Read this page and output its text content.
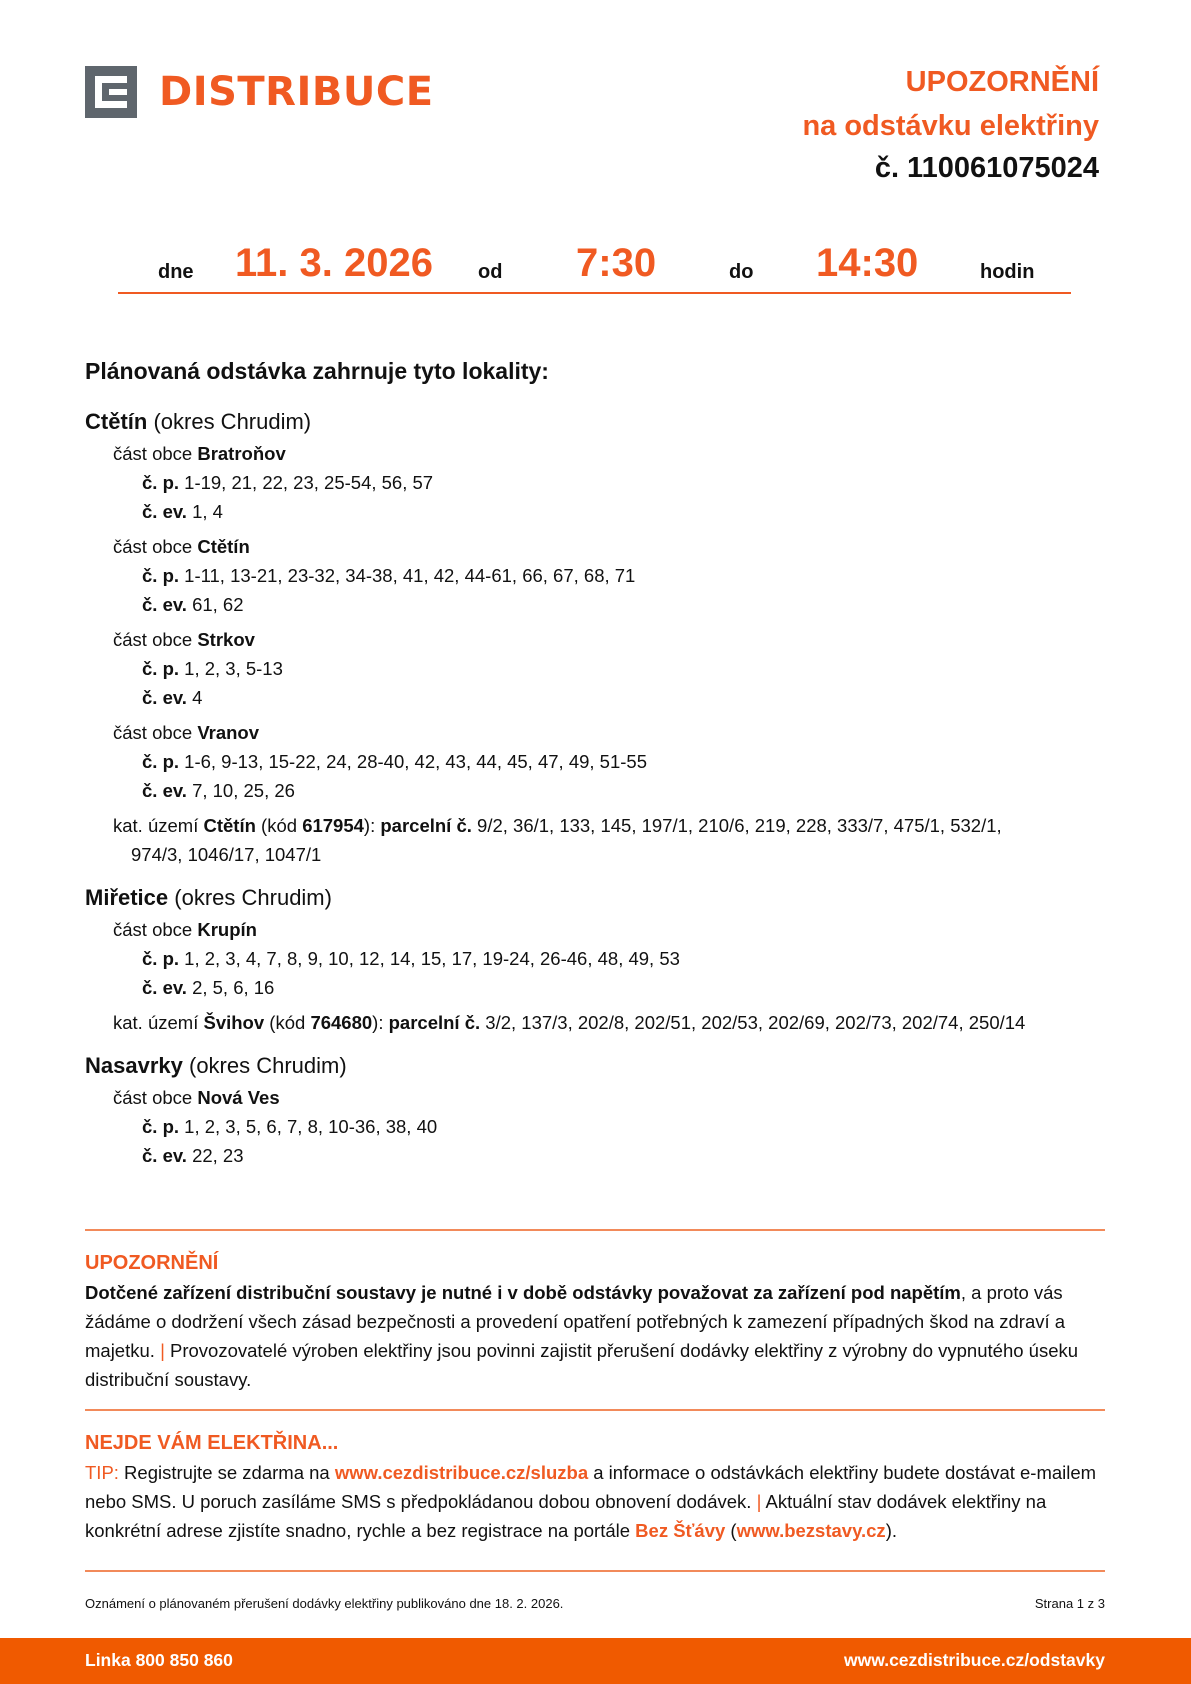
DISTRIBUCE	UPOZORNĚNÍ
na odstávku elektřiny
č. 110061075024
dne 11. 3. 2026 od 7:30	do 14:30	hodin
Plánovaná odstávka zahrnuje tyto lokality:
Ctětín (okres Chrudim)
část obce Bratroňov
č. p. 1-19, 21, 22, 23, 25-54, 56, 57
č. ev. 1, 4
část obce Ctětín
č. p. 1-11, 13-21, 23-32, 34-38, 41, 42, 44-61, 66, 67, 68, 71
č. ev. 61, 62
část obce Strkov
č. p. 1, 2, 3, 5-13
č. ev. 4
část obce Vranov
č. p. 1-6, 9-13, 15-22, 24, 28-40, 42, 43, 44, 45, 47, 49, 51-55
č. ev. 7, 10, 25, 26
kat. území Ctětín (kód 617954): parcelní č. 9/2, 36/1, 133, 145, 197/1, 210/6, 219, 228, 333/7, 475/1, 532/1,
974/3, 1046/17, 1047/1
Miřetice (okres Chrudim)
část obce Krupín
č. p. 1, 2, 3, 4, 7, 8, 9, 10, 12, 14, 15, 17, 19-24, 26-46, 48, 49, 53
č. ev. 2, 5, 6, 16
kat. území Švihov (kód 764680): parcelní č. 3/2, 137/3, 202/8, 202/51, 202/53, 202/69, 202/73, 202/74, 250/14
Nasavrky (okres Chrudim)
část obce Nová Ves
č. p. 1, 2, 3, 5, 6, 7, 8, 10-36, 38, 40
č. ev. 22, 23
UPOZORNĚNÍ
Dotčené zařízení distribuční soustavy je nutné i v době odstávky považovat za zařízení pod napětím, a proto vás žádáme o dodržení všech zásad bezpečnosti a provedení opatření potřebných k zamezení případných škod na zdraví a majetku. | Provozovatelé výroben elektřiny jsou povinni zajistit přerušení dodávky elektřiny z výrobny do vypnutého úseku distribuční soustavy.
NEJDE VÁM ELEKTŘINA...
TIP: Registrujte se zdarma na www.cezdistribuce.cz/sluzba a informace o odstávkách elektřiny budete dostávat e-mailem nebo SMS. U poruch zasíláme SMS s předpokládanou dobou obnovení dodávek. | Aktuální stav dodávek elektřiny na konkrétní adrese zjistíte snadno, rychle a bez registrace na portále Bez Šťávy (www.bezstavy.cz).
Oznámení o plánovaném přerušení dodávky elektřiny publikováno dne 18. 2. 2026.	Strana 1 z 3
Linka 800 850 860	www.cezdistribuce.cz/odstavky
